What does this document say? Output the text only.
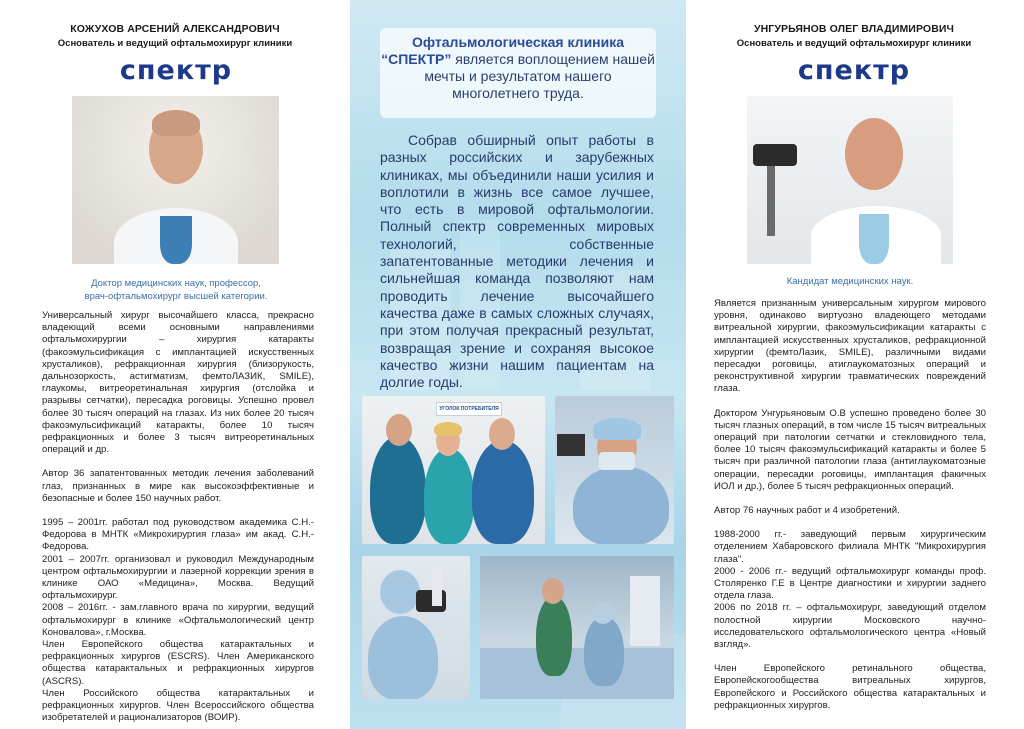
КОЖУХОВ АРСЕНИЙ АЛЕКСАНДРОВИЧ
Основатель и ведущий офтальмохирург клиники
спектр
Доктор медицинских наук, профессор,
врач-офтальмохирург высшей категории.

Универсальный хирург высочайшего класса, прекрасно владеющий всеми основными направлениями офтальмохирургии – хирургия катаракты (факоэмульсификация с имплантацией искусственных хрусталиков), рефракционная хирургия (близорукость, дальнозоркость, астигматизм, фемтоЛАЗИК, SMILE), глаукомы, витреоретинальная хирургия (отслойка и разрывы сетчатки), пересадка роговицы. Успешно провел более 30 тысяч операций на глазах. Из них более 20 тысяч факоэмульсификаций катаракты, более 10 тысяч рефракционных и более 3 тысяч витреоретинальных операций и др.

Автор 36 запатентованных методик лечения заболеваний глаз, признанных в мире как высокоэффективные и безопасные и более 150 научных работ.

1995 – 2001гг. работал под руководством академика С.Н.-Федорова в МНТК «Микрохирургия глаза» им акад. С.Н.-Федорова.
2001 – 2007гг. организовал и руководил Международным центром офтальмохирургии и лазерной коррекции зрения в клинике ОАО «Медицина», Москва. Ведущий офтальмохирург.
2008 – 2016гг. - зам.главного врача по хирургии, ведущий офтальмохирург в клинике «Офтальмологический центр Коновалова», г.Москва.
Член Европейского общества катарактальных и рефракционных хирургов (ESCRS). Член Американского общества катарактальных и рефракционных хирургов (ASCRS).
Член Российского общества катарактальных и рефракционных хирургов. Член Всероссийского общества изобретателей и рационализаторов (ВОИР).

Офтальмологическая клиника “СПЕКТР” является воплощением нашей мечты и результатом нашего многолетнего труда.
Собрав обширный опыт работы в разных российских и зарубежных клиниках, мы объединили наши усилия и воплотили в жизнь все самое лучшее, что есть в мировой офтальмологии. Полный спектр современных мировых технологий, собственные запатентованные методики лечения и сильнейшая команда позволяют нам проводить лечение высочайшего качества даже в самых сложных случаях, при этом получая прекрасный результат, возвращая зрение и сохраняя высокое качество жизни нашим пациентам на долгие годы.
УГОЛОК ПОТРЕБИТЕЛЯ
УНГУРЬЯНОВ ОЛЕГ ВЛАДИМИРОВИЧ
Основатель и ведущий офтальмохирург клиники
спектр
Кандидат медицинских наук.

Является признанным универсальным хирургом мирового уровня, одинаково виртуозно владеющего методами витреальной хирургии, факоэмульсификации катаракты с имплантацией искусственных хрусталиков, рефракционной хирургии (фемтоЛазик, SMILE), различными видами пересадки роговицы, атиглаукоматозных операций и реконструктивной хирургии травматических повреждений глаза.

Доктором Унгурьяновым О.В успешно проведено более 30 тысяч глазных операций, в том числе 15 тысяч витреальных операций при патологии сетчатки и стекловидного тела, более 10 тысяч факоэмульсификаций катаракты и более 5 тысяч при различной патологии глаза (антиглаукоматозные операции, пересадки роговицы, имплантация факичных ИОЛ и др.), более 5 тысяч рефракционных операций.

Автор 76 научных работ и 4 изобретений.

1988-2000 гг.- заведующий первым хирургическим отделением Хабаровского филиала МНТК "Микрохирургия глаза".
2000 - 2006 гг.- ведущий офтальмохирург команды проф. Столяренко Г.Е в Центре диагностики и хирургии заднего отдела глаза.
2006 по 2018 гг. – офтальмохирург, заведующий отделом полостной хирургии Московского научно-исследовательского офтальмологического центра «Новый взгляд».

Член Европейского ретинального общества, Европейскогообщества витреальных хирургов, Европейского и Российского общества катарактальных и рефракционных хирургов.
